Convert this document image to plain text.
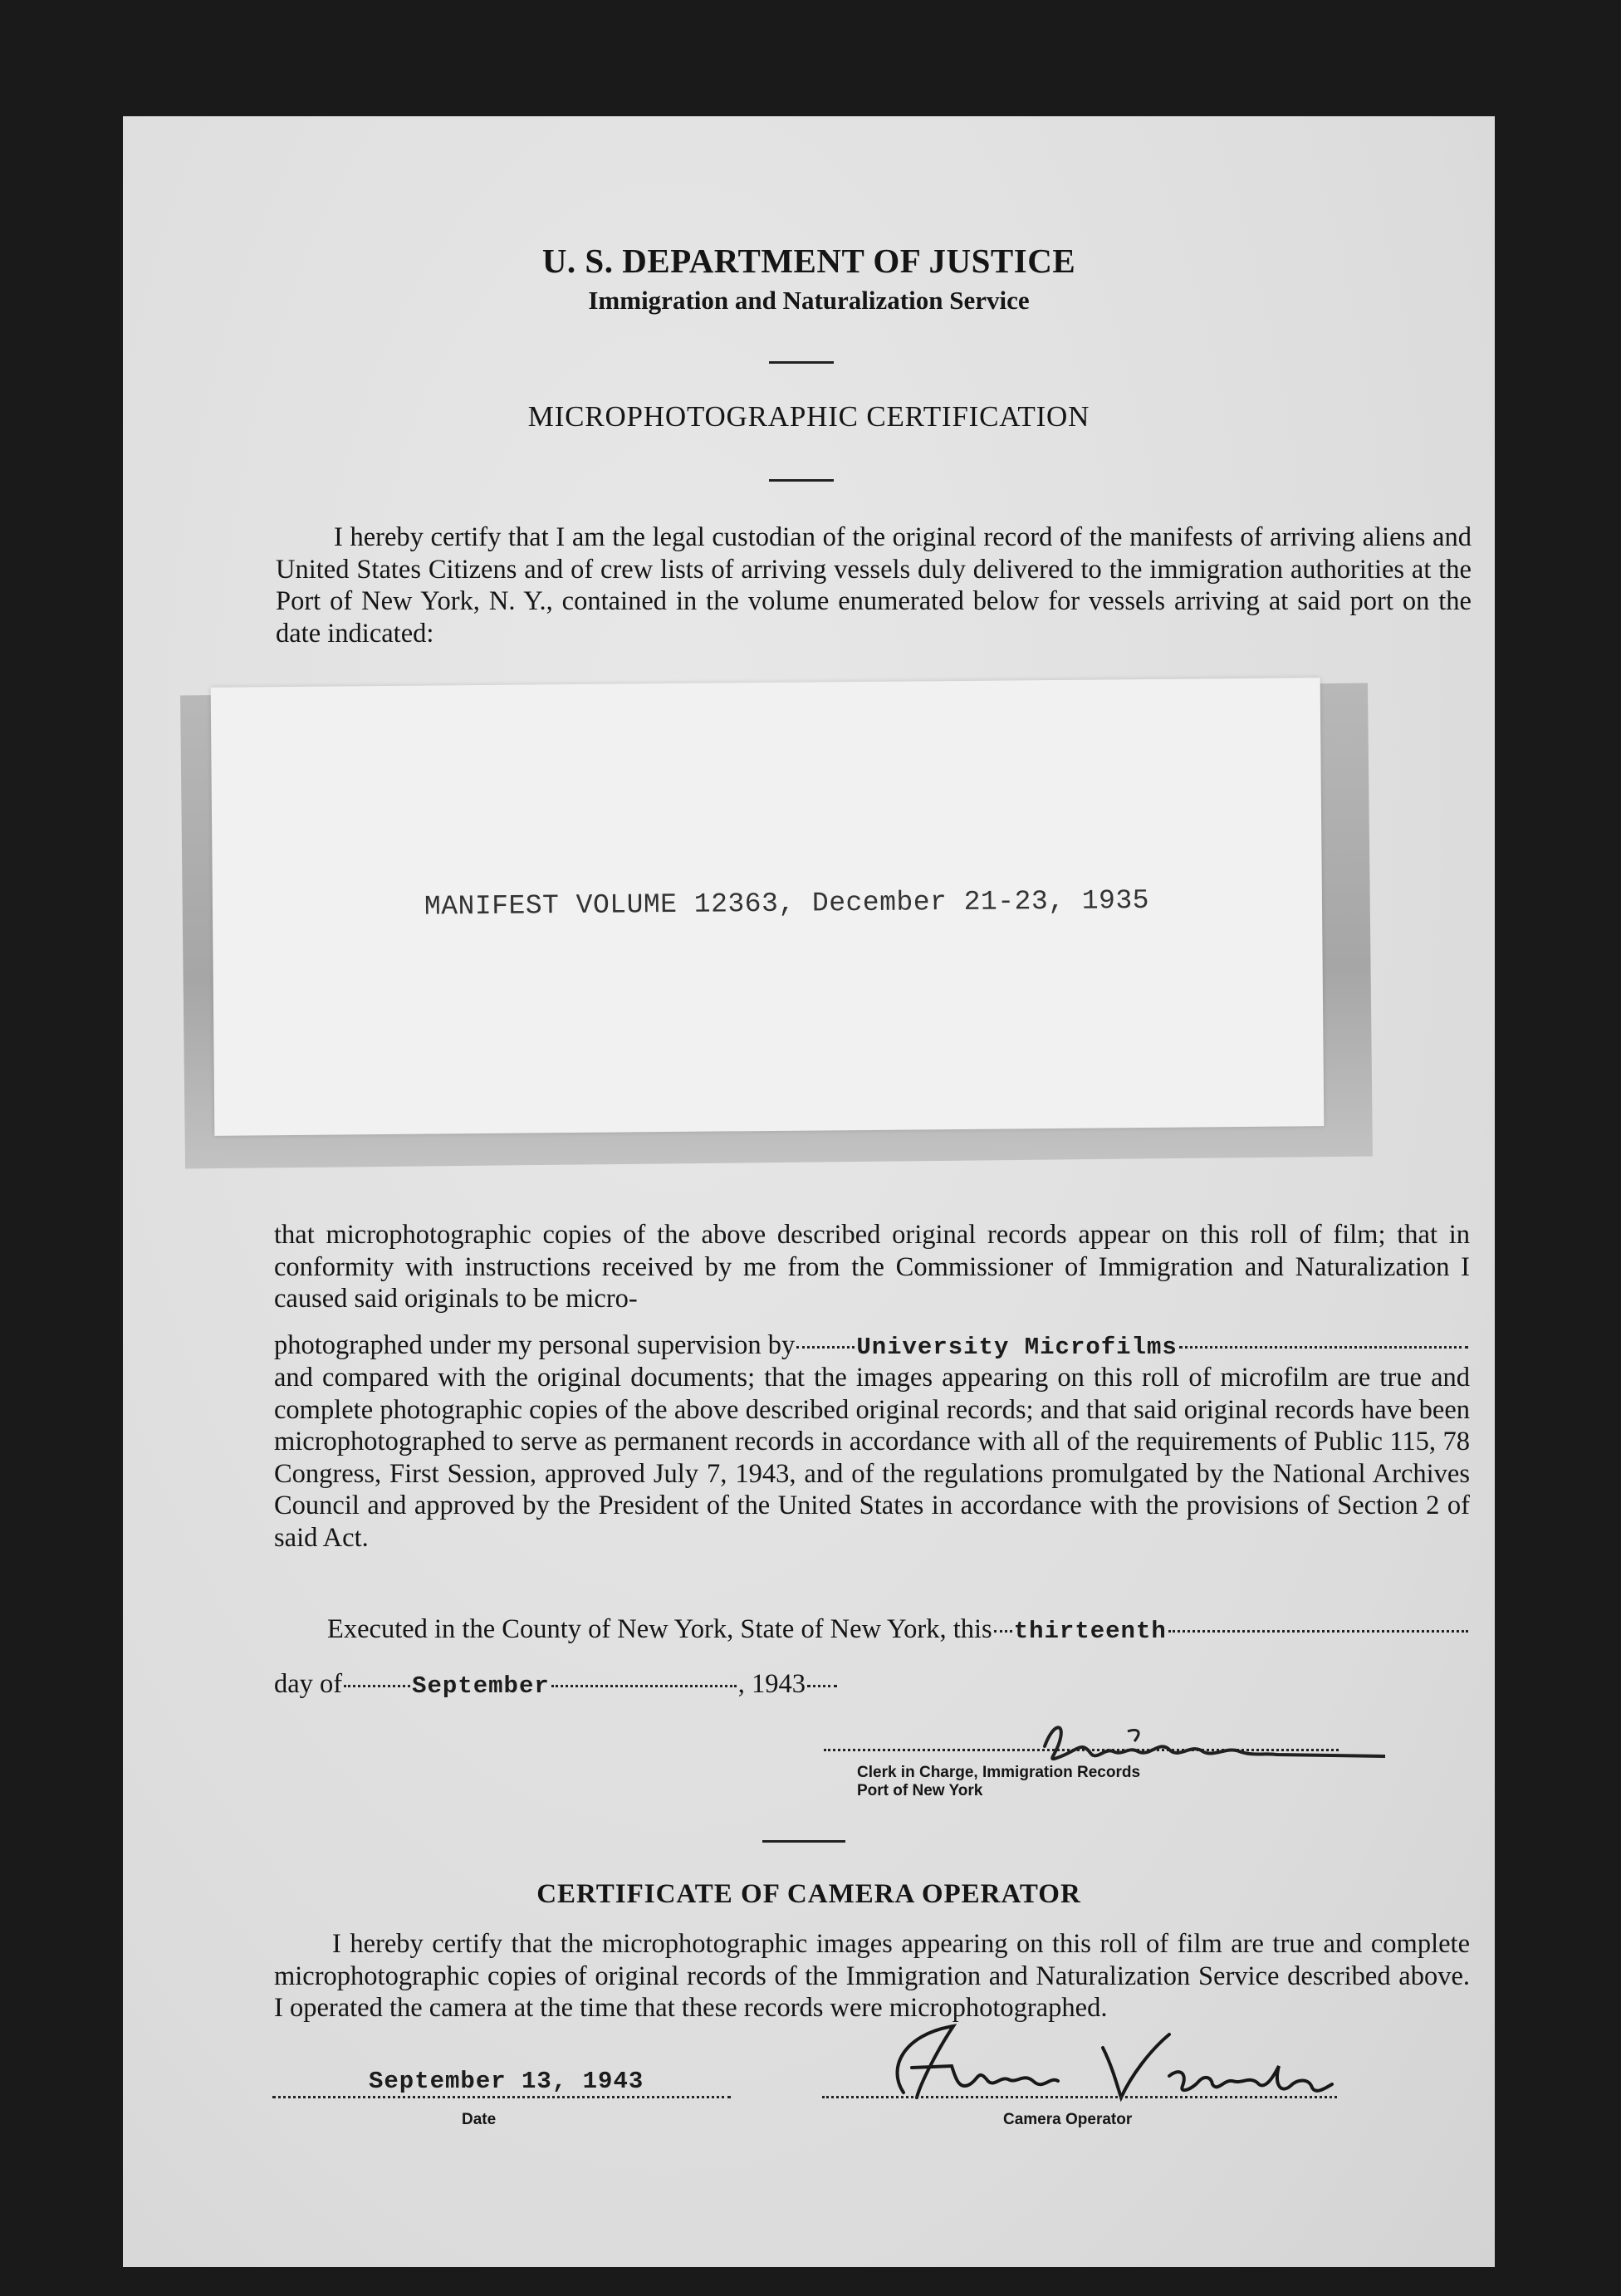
U. S. DEPARTMENT OF JUSTICE
Immigration and Naturalization Service
MICROPHOTOGRAPHIC CERTIFICATION
I hereby certify that I am the legal custodian of the original record of the manifests of arriving aliens and United States Citizens and of crew lists of arriving vessels duly delivered to the immigration authorities at the Port of New York, N. Y., contained in the volume enumerated below for vessels arriving at said port on the date indicated:
MANIFEST VOLUME 12363, December 21-23, 1935
that microphotographic copies of the above described original records appear on this roll of film; that in conformity with instructions received by me from the Commissioner of Immigration and Naturalization I caused said originals to be micro-
photographed under my personal supervision by	University Microfilms
and compared with the original documents; that the images appearing on this roll of microfilm are true and complete photographic copies of the above described original records; and that said original records have been microphotographed to serve as permanent records in accordance with all of the requirements of Public 115, 78 Congress, First Session, approved July 7, 1943, and of the regulations promulgated by the National Archives Council and approved by the President of the United States in accordance with the provisions of Section 2 of said Act.
Executed in the County of New York, State of New York, this thirteenth
day of	September	, 1943
Clerk in Charge, Immigration Records
Port of New York
CERTIFICATE OF CAMERA OPERATOR
I hereby certify that the microphotographic images appearing on this roll of film are true and complete microphotographic copies of original records of the Immigration and Naturalization Service described above. I operated the camera at the time that these records were microphotographed.
September 13, 1943
Date	Camera Operator
